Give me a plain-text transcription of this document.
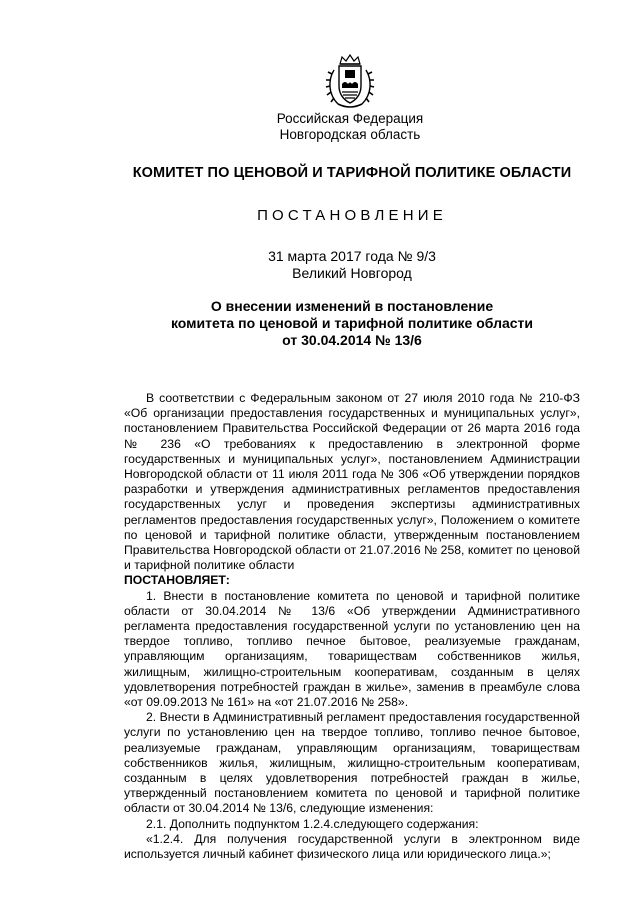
Российская Федерация
Новгородская область
КОМИТЕТ ПО ЦЕНОВОЙ И ТАРИФНОЙ ПОЛИТИКЕ ОБЛАСТИ
ПОСТАНОВЛЕНИЕ
31 марта 2017 года № 9/3
Великий Новгород
О внесении изменений в постановление
комитета по ценовой и тарифной политике области
от 30.04.2014 № 13/6

В соответствии с Федеральным законом от 27 июля 2010 года № 210-ФЗ «Об организации предоставления государственных и муниципальных услуг», постановлением Правительства Российской Федерации от 26 марта 2016 года № 236 «О требованиях к предоставлению в электронной форме государственных и муниципальных услуг», постановлением Администрации Новгородской области от 11 июля 2011 года № 306 «Об утверждении порядков разработки и утверждения административных регламентов предоставления государственных услуг и проведения экспертизы административных регламентов предоставления государственных услуг», Положением о комитете по ценовой и тарифной политике области, утвержденным постановлением Правительства Новгородской области от 21.07.2016 № 258, комитет по ценовой и тарифной политике области

ПОСТАНОВЛЯЕТ:

1. Внести в постановление комитета по ценовой и тарифной политике области от 30.04.2014 № 13/6 «Об утверждении Административного регламента предоставления государственной услуги по установлению цен на твердое топливо, топливо печное бытовое, реализуемые гражданам, управляющим организациям, товариществам собственников жилья, жилищным, жилищно-строительным кооперативам, созданным в целях удовлетворения потребностей граждан в жилье», заменив в преамбуле слова «от 09.09.2013 № 161» на «от 21.07.2016 № 258».

2. Внести в Административный регламент предоставления государственной услуги по установлению цен на твердое топливо, топливо печное бытовое, реализуемые гражданам, управляющим организациям, товариществам собственников жилья, жилищным, жилищно-строительным кооперативам, созданным в целях удовлетворения потребностей граждан в жилье, утвержденный постановлением комитета по ценовой и тарифной политике области от 30.04.2014 № 13/6, следующие изменения:

2.1. Дополнить подпунктом 1.2.4.следующего содержания:

«1.2.4. Для получения государственной услуги в электронном виде используется личный кабинет физического лица или юридического лица.»;
